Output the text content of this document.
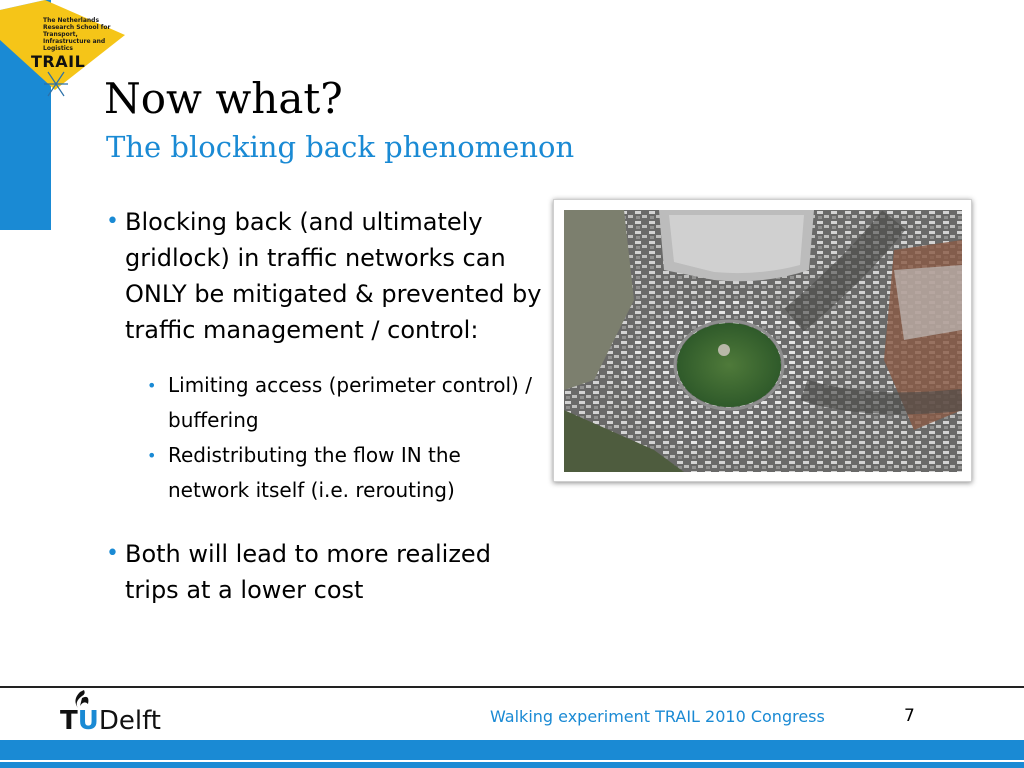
The Netherlands Research School for Transport, Infrastructure and Logistics
TRAIL
Now what?
The blocking back phenomenon
• Blocking back (and ultimately gridlock) in traffic networks can ONLY be mitigated & prevented by traffic management / control:
• Limiting access (perimeter control) / buffering
• Redistributing the flow IN the network itself (i.e. rerouting)
• Both will lead to more realized trips at a lower cost
TUDelft	Walking experiment TRAIL 2010 Congress	7
